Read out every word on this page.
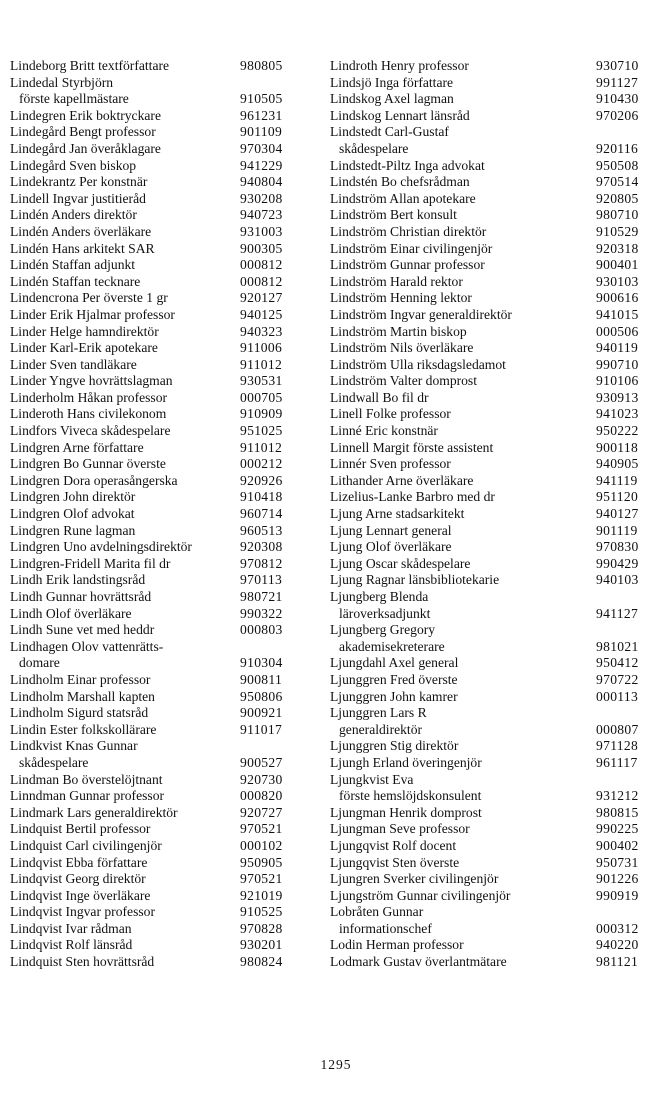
Lindeborg Britt textförfattare	980805
Lindedal Styrbjörn
förste kapellmästare	910505
Lindegren Erik boktryckare	961231
Lindegård Bengt professor	901109
Lindegård Jan överåklagare	970304
Lindegård Sven biskop	941229
Lindekrantz Per konstnär	940804
Lindell Ingvar justitieråd	930208
Lindén Anders direktör	940723
Lindén Anders överläkare	931003
Lindén Hans arkitekt SAR	900305
Lindén Staffan adjunkt	000812
Lindén Staffan tecknare	000812
Lindencrona Per överste 1 gr	920127
Linder Erik Hjalmar professor	940125
Linder Helge hamndirektör	940323
Linder Karl-Erik apotekare	911006
Linder Sven tandläkare	911012
Linder Yngve hovrättslagman	930531
Linderholm Håkan professor	000705
Linderoth Hans civilekonom	910909
Lindfors Viveca skådespelare	951025
Lindgren Arne författare	911012
Lindgren Bo Gunnar överste	000212
Lindgren Dora operasångerska	920926
Lindgren John direktör	910418
Lindgren Olof advokat	960714
Lindgren Rune lagman	960513
Lindgren Uno avdelningsdirektör	920308
Lindgren-Fridell Marita fil dr	970812
Lindh Erik landstingsråd	970113
Lindh Gunnar hovrättsråd	980721
Lindh Olof överläkare	990322
Lindh Sune vet med heddr	000803
Lindhagen Olov vattenrätts-
domare	910304
Lindholm Einar professor	900811
Lindholm Marshall kapten	950806
Lindholm Sigurd statsråd	900921
Lindin Ester folkskollärare	911017
Lindkvist Knas Gunnar
skådespelare	900527
Lindman Bo överstelöjtnant	920730
Linndman Gunnar professor	000820
Lindmark Lars generaldirektör	920727
Lindquist Bertil professor	970521
Lindquist Carl civilingenjör	000102
Lindqvist Ebba författare	950905
Lindqvist Georg direktör	970521
Lindqvist Inge överläkare	921019
Lindqvist Ingvar professor	910525
Lindqvist Ivar rådman	970828
Lindqvist Rolf länsråd	930201
Lindquist Sten hovrättsråd	980824
Lindroth Henry professor	930710
Lindsjö Inga författare	991127
Lindskog Axel lagman	910430
Lindskog Lennart länsråd	970206
Lindstedt Carl-Gustaf
skådespelare	920116
Lindstedt-Piltz Inga advokat	950508
Lindstén Bo chefsrådman	970514
Lindström Allan apotekare	920805
Lindström Bert konsult	980710
Lindström Christian direktör	910529
Lindström Einar civilingenjör	920318
Lindström Gunnar professor	900401
Lindström Harald rektor	930103
Lindström Henning lektor	900616
Lindström Ingvar generaldirektör	941015
Lindström Martin biskop	000506
Lindström Nils överläkare	940119
Lindström Ulla riksdagsledamot	990710
Lindström Valter domprost	910106
Lindwall Bo fil dr	930913
Linell Folke professor	941023
Linné Eric konstnär	950222
Linnell Margit förste assistent	900118
Linnér Sven professor	940905
Lithander Arne överläkare	941119
Lizelius-Lanke Barbro med dr	951120
Ljung Arne stadsarkitekt	940127
Ljung Lennart general	901119
Ljung Olof överläkare	970830
Ljung Oscar skådespelare	990429
Ljung Ragnar länsbibliotekarie	940103
Ljungberg Blenda
läroverksadjunkt	941127
Ljungberg Gregory
akademisekreterare	981021
Ljungdahl Axel general	950412
Ljunggren Fred överste	970722
Ljunggren John kamrer	000113
Ljunggren Lars R
generaldirektör	000807
Ljunggren Stig direktör	971128
Ljungh Erland överingenjör	961117
Ljungkvist Eva
förste hemslöjdskonsulent	931212
Ljungman Henrik domprost	980815
Ljungman Seve professor	990225
Ljungqvist Rolf docent	900402
Ljungqvist Sten överste	950731
Ljungren Sverker civilingenjör	901226
Ljungström Gunnar civilingenjör	990919
Lobråten Gunnar
informationschef	000312
Lodin Herman professor	940220
Lodmark Gustav överlantmätare	981121
1295
